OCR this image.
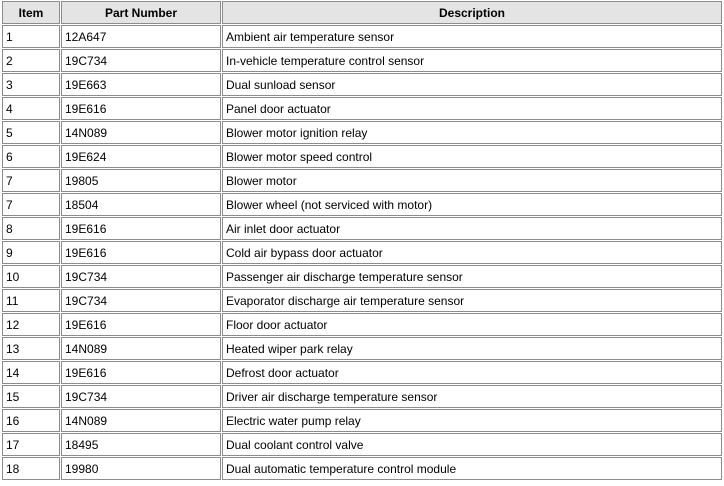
Item	Part Number	Description
1	12A647	Ambient air temperature sensor
2	19C734	In-vehicle temperature control sensor
3	19E663	Dual sunload sensor
4	19E616	Panel door actuator
5	14N089	Blower motor ignition relay
6	19E624	Blower motor speed control
7	19805	Blower motor
7	18504	Blower wheel (not serviced with motor)
8	19E616	Air inlet door actuator
9	19E616	Cold air bypass door actuator
10	19C734	Passenger air discharge temperature sensor
11	19C734	Evaporator discharge air temperature sensor
12	19E616	Floor door actuator
13	14N089	Heated wiper park relay
14	19E616	Defrost door actuator
15	19C734	Driver air discharge temperature sensor
16	14N089	Electric water pump relay
17	18495	Dual coolant control valve
18	19980	Dual automatic temperature control module
